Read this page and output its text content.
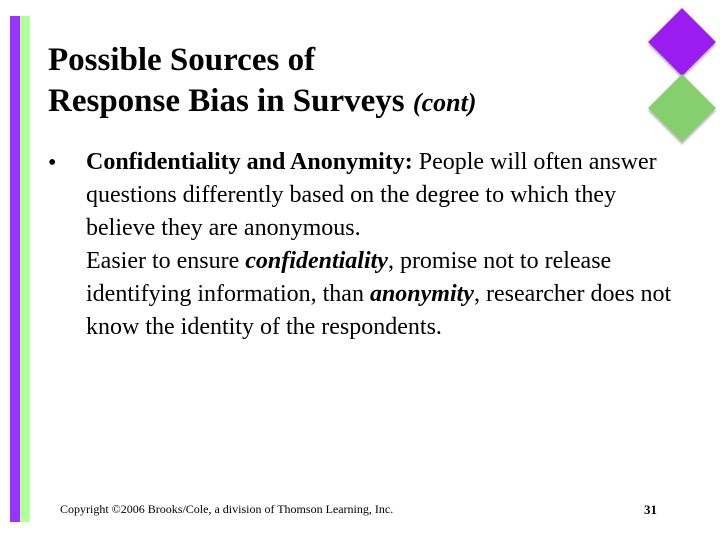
Possible Sources of
Response Bias in Surveys (cont)
• Confidentiality and Anonymity: People will often answer questions differently based on the degree to which they believe they are anonymous.

Easier to ensure confidentiality, promise not to release identifying information, than anonymity, researcher does not know the identity of the respondents.

Copyright ©2006 Brooks/Cole, a division of Thomson Learning, Inc.	31
